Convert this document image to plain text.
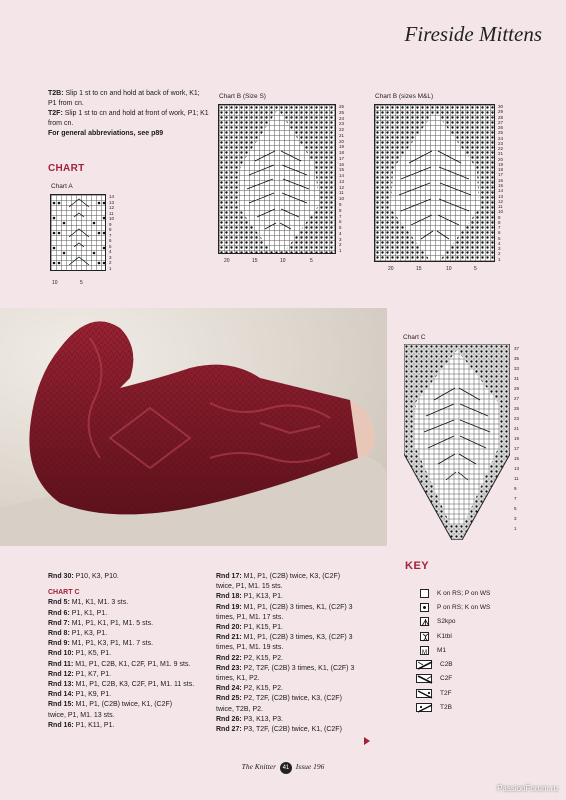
Fireside Mittens

T2B: Slip 1 st to cn and hold at back of work, K1; P1 from cn.

T2F: Slip 1 st to cn and hold at front of work, P1; K1 from cn.

For general abbreviations, see p89

CHART
Chart A
14
13
12
11
10
9
8
7
6
5
4
3
2
1
10	5
Chart B (Size S)
26
25
24
23
22
21
20
19
18
17
16
15
14
13
12
11
10
9
8
7
6
5
4
3
2
1
20	15	10	5
Chart B (sizes M&L)
30
29
28
27
26
25
24
23
22
21
20
19
18
17
16
15
14
13
12
11
10
9
8
7
6
5
4
3
2
1
20	15	10	5
Chart C
37
35
33
31
29
27
25
23
21
19
17
15
13
11
9
7
5
3
1

Rnd 30: P10, K3, P10.

CHART C

Rnd 5: M1, K1, M1. 3 sts.

Rnd 6: P1, K1, P1.

Rnd 7: M1, P1, K1, P1, M1. 5 sts.

Rnd 8: P1, K3, P1.

Rnd 9: M1, P1, K3, P1, M1. 7 sts.

Rnd 10: P1, K5, P1.

Rnd 11: M1, P1, C2B, K1, C2F, P1, M1. 9 sts.

Rnd 12: P1, K7, P1.

Rnd 13: M1, P1, C2B, K3, C2F, P1, M1. 11 sts.

Rnd 14: P1, K9, P1.

Rnd 15: M1, P1, (C2B) twice, K1, (C2F)

twice, P1, M1. 13 sts.

Rnd 16: P1, K11, P1.

Rnd 17: M1, P1, (C2B) twice, K3, (C2F)

twice, P1, M1. 15 sts.

Rnd 18: P1, K13, P1.

Rnd 19: M1, P1, (C2B) 3 times, K1, (C2F) 3

times, P1, M1. 17 sts.

Rnd 20: P1, K15, P1.

Rnd 21: M1, P1, (C2B) 3 times, K3, (C2F) 3

times, P1, M1. 19 sts.

Rnd 22: P2, K15, P2.

Rnd 23: P2, T2F, (C2B) 3 times, K1, (C2F) 3

times, K1, P2.

Rnd 24: P2, K15, P2.

Rnd 25: P2, T2F, (C2B) twice, K3, (C2F)

twice, T2B, P2.

Rnd 26: P3, K13, P3.

Rnd 27: P3, T2F, (C2B) twice, K1, (C2F)

KEY
K on RS; P on WS
P on RS; K on WS
S2kpo
K1tbl
M M1
C2B
C2F
T2F
T2B
The Knitter 41 Issue 196
PassionForum.ru
